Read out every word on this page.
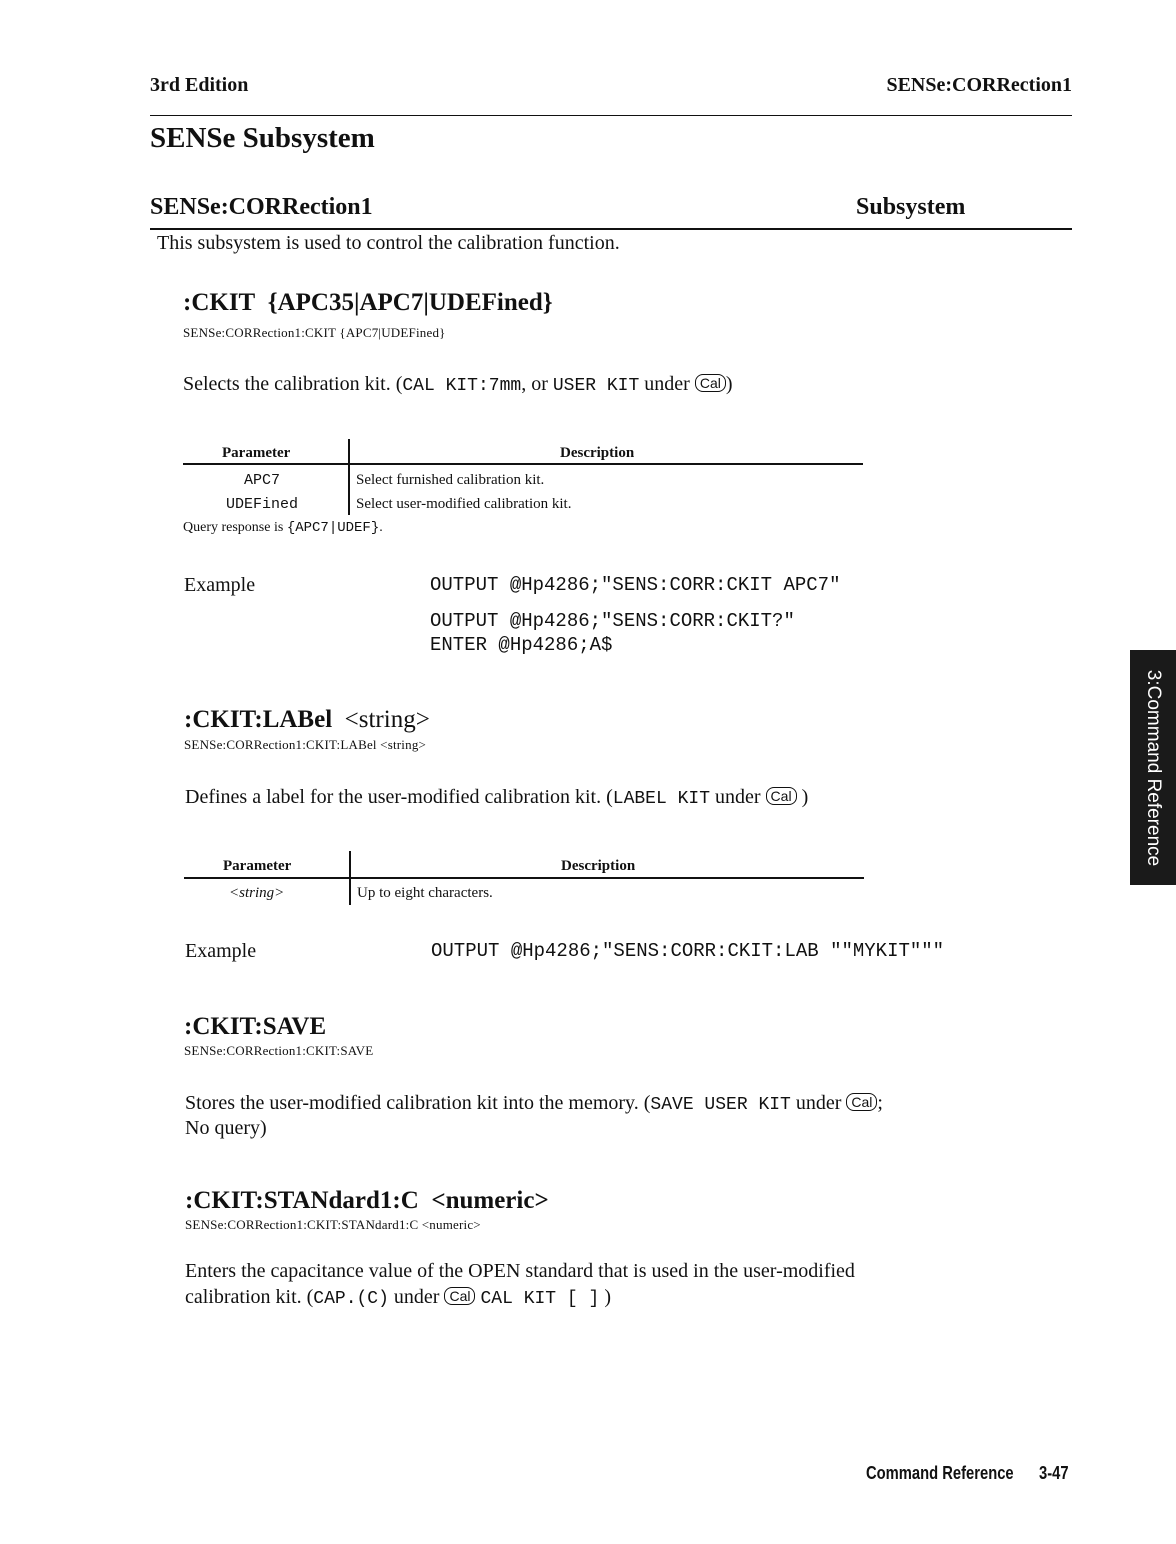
3rd Edition	SENSe:CORRection1
SENSe Subsystem
SENSe:CORRection1	Subsystem
This subsystem is used to control the calibration function.
:CKIT {APC35|APC7|UDEFined}
SENSe:CORRection1:CKIT {APC7|UDEFined}
Selects the calibration kit. (CAL KIT:7mm, or USER KIT under Cal )
Parameter	Description
APC7	Select furnished calibration kit.
UDEFined	Select user-modified calibration kit.
Query response is {APC7|UDEF}.
Example	OUTPUT @Hp4286;"SENS:CORR:CKIT APC7"
OUTPUT @Hp4286;"SENS:CORR:CKIT?"
ENTER @Hp4286;A$
:CKIT:LABel <string>
SENSe:CORRection1:CKIT:LABel <string>
Defines a label for the user-modified calibration kit. (LABEL KIT under Cal )
Parameter	Description
<string>	Up to eight characters.
Example	OUTPUT @Hp4286;"SENS:CORR:CKIT:LAB ""MYKIT"""
:CKIT:SAVE
SENSe:CORRection1:CKIT:SAVE
Stores the user-modified calibration kit into the memory. (SAVE USER KIT under Cal ;
No query)
:CKIT:STANdard1:C <numeric>
SENSe:CORRection1:CKIT:STANdard1:C <numeric>
Enters the capacitance value of the OPEN standard that is used in the user-modified
calibration kit. (CAP.(C) under Cal CAL KIT [ ] )
3:Command Reference
Command Reference 3-47
